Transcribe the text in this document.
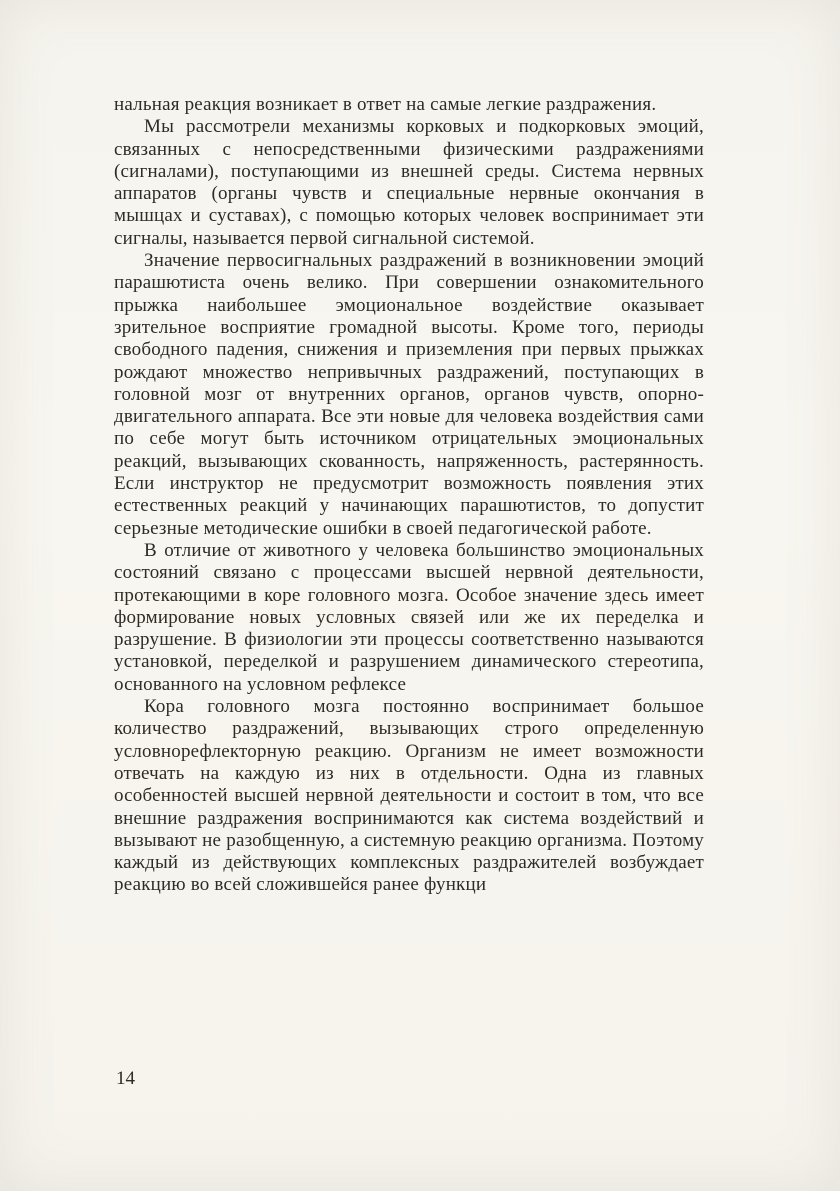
нальная реакция возникает в ответ на самые легкие раздражения.

Мы рассмотрели механизмы корковых и подкорковых эмоций, связанных с непосредственными физическими раздражениями (сигналами), поступающими из внешней среды. Система нервных аппаратов (органы чувств и специальные нервные окончания в мышцах и суставах), с помощью которых человек воспринимает эти сигналы, называется первой сигнальной системой.

Значение первосигнальных раздражений в возникновении эмоций парашютиста очень велико. При совершении ознакомительного прыжка наибольшее эмоциональное воздействие оказывает зрительное восприятие громадной высоты. Кроме того, периоды свободного падения, снижения и приземления при первых прыжках рождают множество непривычных раздражений, поступающих в головной мозг от внутренних органов, органов чувств, опорно-двигательного аппарата. Все эти новые для человека воздействия сами по себе могут быть источником отрицательных эмоциональных реакций, вызывающих скованность, напряженность, растерянность. Если инструктор не предусмотрит возможность появления этих естественных реакций у начинающих парашютистов, то допустит серьезные методические ошибки в своей педагогической работе.

В отличие от животного у человека большинство эмоциональных состояний связано с процессами высшей нервной деятельности, протекающими в коре головного мозга. Особое значение здесь имеет формирование новых условных связей или же их переделка и разрушение. В физиологии эти процессы соответственно называются установкой, переделкой и разрушением динамического стереотипа, основанного на условном рефлексе

Кора головного мозга постоянно воспринимает большое количество раздражений, вызывающих строго определенную условнорефлекторную реакцию. Организм не имеет возможности отвечать на каждую из них в отдельности. Одна из главных особенностей высшей нервной деятельности и состоит в том, что все внешние раздражения воспринимаются как система воздействий и вызывают не разобщенную, а системную реакцию организма. Поэтому каждый из действующих комплексных раздражителей возбуждает реакцию во всей сложившейся ранее функци

14
